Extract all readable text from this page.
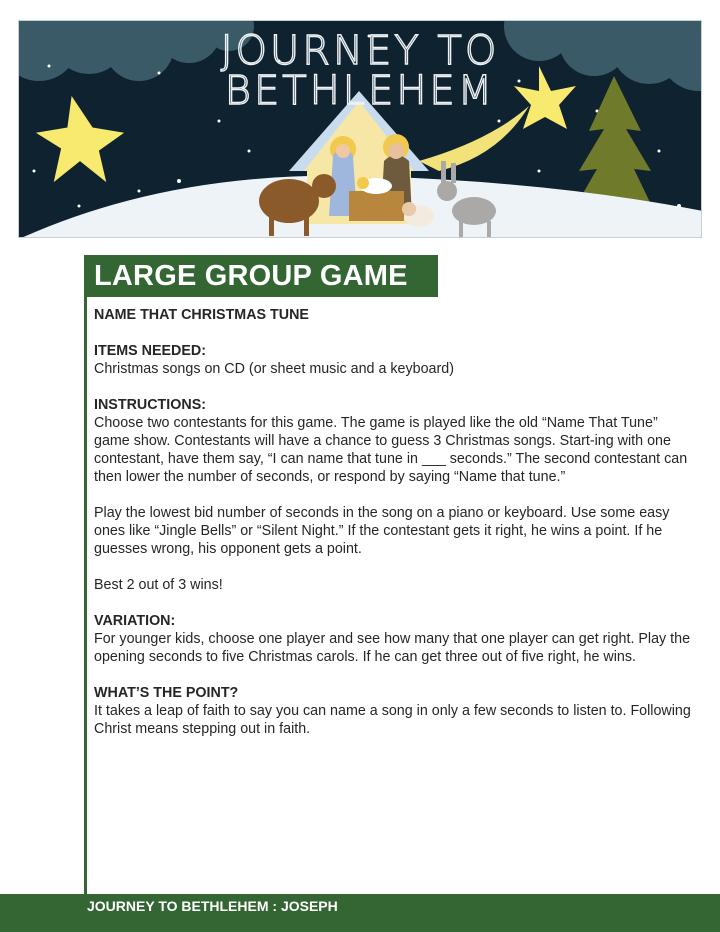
JOURNEY TO
BETHLEHEM
LARGE GROUP GAME
NAME THAT CHRISTMAS TUNE
ITEMS NEEDED:
Christmas songs on CD (or sheet music and a keyboard)
INSTRUCTIONS:
Choose two contestants for this game. The game is played like the old “Name That Tune” game show. Contestants will have a chance to guess 3 Christmas songs. Start-ing with one contestant, have them say, “I can name that tune in ___ seconds.” The second contestant can then lower the number of seconds, or respond by saying “Name that tune.”
Play the lowest bid number of seconds in the song on a piano or keyboard. Use some easy ones like “Jingle Bells” or “Silent Night.” If the contestant gets it right, he wins a point. If he guesses wrong, his opponent gets a point.
Best 2 out of 3 wins!
VARIATION:
For younger kids, choose one player and see how many that one player can get right. Play the opening seconds to five Christmas carols. If he can get three out of five right, he wins.
WHAT’S THE POINT?
It takes a leap of faith to say you can name a song in only a few seconds to listen to. Following Christ means stepping out in faith.
JOURNEY TO BETHLEHEM : JOSEPH
